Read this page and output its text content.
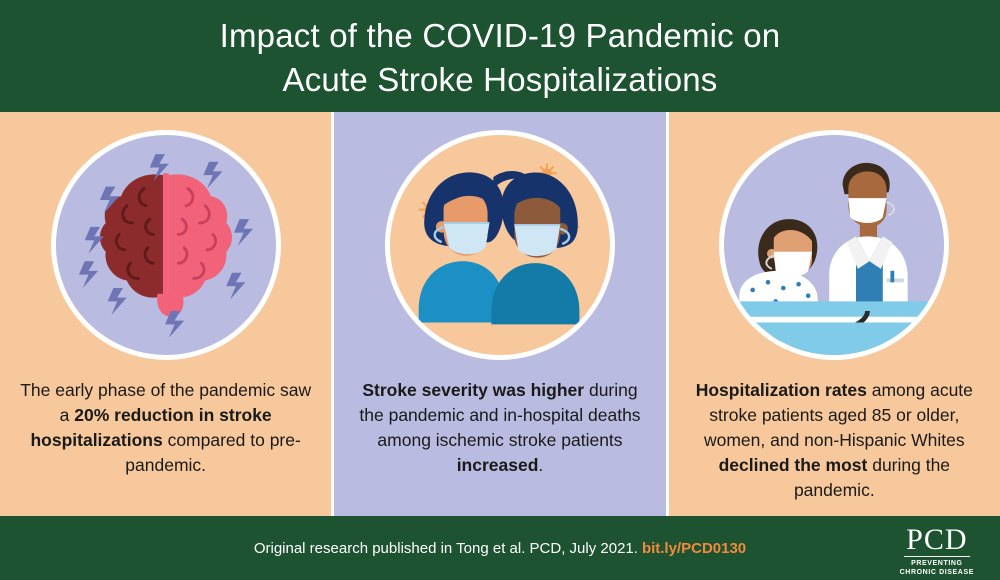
Impact of the COVID-19 Pandemic on
Acute Stroke Hospitalizations
The early phase of the pandemic saw a 20% reduction in stroke hospitalizations compared to pre-pandemic.
Stroke severity was higher during the pandemic and in-hospital deaths among ischemic stroke patients increased.
Hospitalization rates among acute stroke patients aged 85 or older, women, and non-Hispanic Whites declined the most during the pandemic.
Original research published in Tong et al. PCD, July 2021. bit.ly/PCD0130	PCD
PREVENTING
CHRONIC DISEASE
